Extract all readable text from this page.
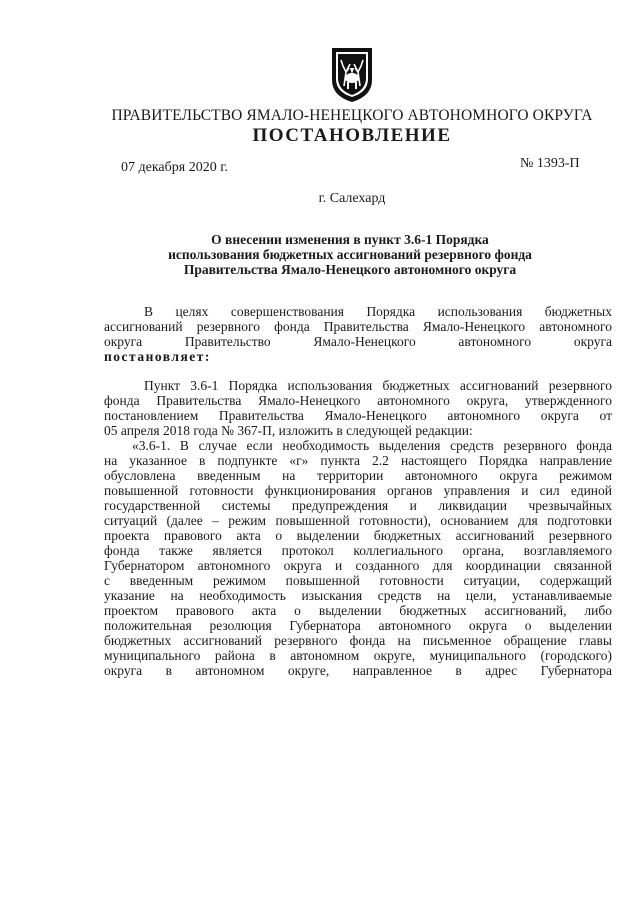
ПРАВИТЕЛЬСТВО ЯМАЛО-НЕНЕЦКОГО АВТОНОМНОГО ОКРУГА
ПОСТАНОВЛЕНИЕ
07 декабря 2020 г.	№ 1393-П
г. Салехард
О внесении изменения в пункт 3.6-1 Порядка
использования бюджетных ассигнований резервного фонда
Правительства Ямало-Ненецкого автономного округа
В целях совершенствования Порядка использования бюджетных
ассигнований резервного фонда Правительства Ямало-Ненецкого автономного
округа Правительство Ямало-Ненецкого автономного округа
постановляет:
Пункт 3.6-1 Порядка использования бюджетных ассигнований резервного
фонда Правительства Ямало-Ненецкого автономного округа, утвержденного
постановлением Правительства Ямало-Ненецкого автономного округа от
05 апреля 2018 года № 367-П, изложить в следующей редакции:
«3.6-1. В случае если необходимость выделения средств резервного фонда
на указанное в подпункте «г» пункта 2.2 настоящего Порядка направление
обусловлена введенным на территории автономного округа режимом
повышенной готовности функционирования органов управления и сил единой
государственной системы предупреждения и ликвидации чрезвычайных
ситуаций (далее – режим повышенной готовности), основанием для подготовки
проекта правового акта о выделении бюджетных ассигнований резервного
фонда также является протокол коллегиального органа, возглавляемого
Губернатором автономного округа и созданного для координации связанной
с введенным режимом повышенной готовности ситуации, содержащий
указание на необходимость изыскания средств на цели, устанавливаемые
проектом правового акта о выделении бюджетных ассигнований, либо
положительная резолюция Губернатора автономного округа о выделении
бюджетных ассигнований резервного фонда на письменное обращение главы
муниципального района в автономном округе, муниципального (городского)
округа в автономном округе, направленное в адрес Губернатора
